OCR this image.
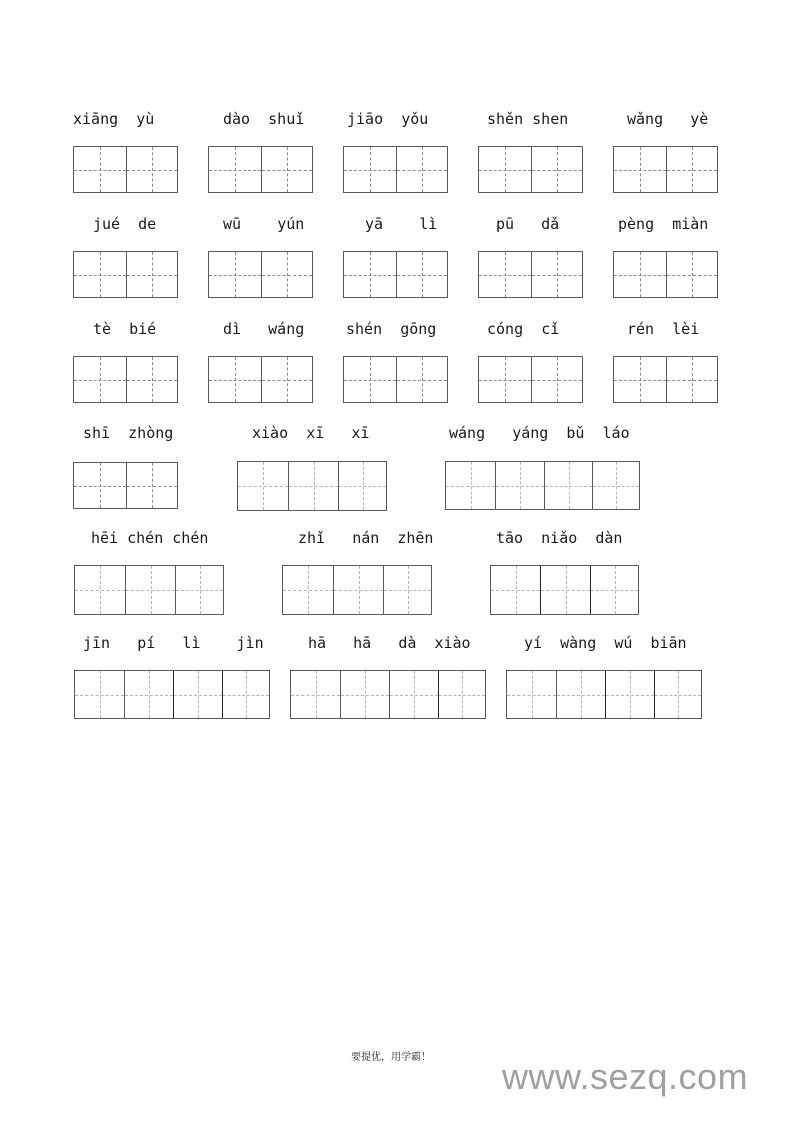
xiāng yù	dào shuǐ	jiāo yǒu	shěn shen	wǎng yè
jué de	wū yún	yā lì	pū dǎ	pèng miàn
tè bié	dì wáng	shén gōng	cóng cǐ	rén lèi
shī zhòng	xiào xī xī	wáng yáng bǔ láo
hēi chén chén	zhǐ nán zhēn	tāo niǎo dàn
jīn pí lì jìn	hā hā dà xiào	yí wàng wú biān
要提优，用学霸！ www.sezq.com
